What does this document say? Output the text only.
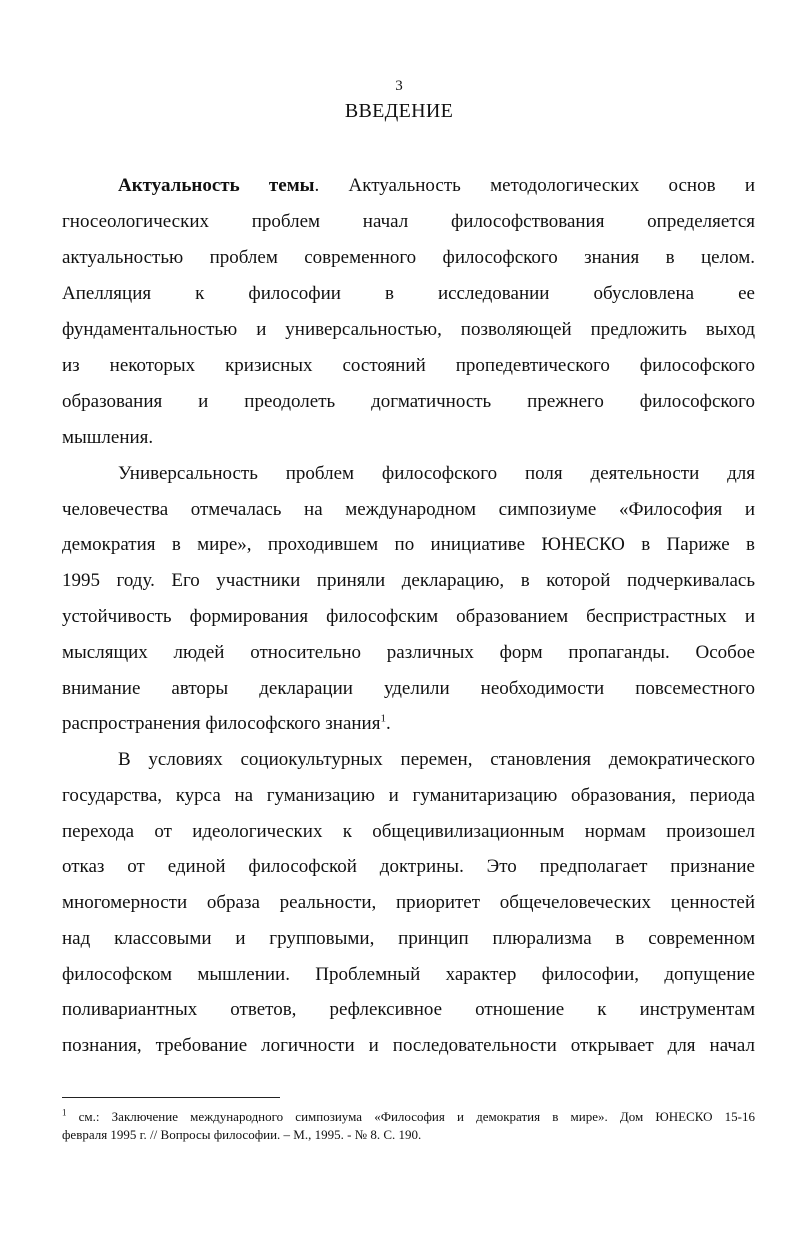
3
ВВЕДЕНИЕ
Актуальность темы. Актуальность методологических основ и
гносеологических проблем начал философствования определяется
актуальностью проблем современного философского знания в целом.
Апелляция к философии в исследовании обусловлена ее
фундаментальностью и универсальностью, позволяющей предложить выход
из некоторых кризисных состояний пропедевтического философского
образования и преодолеть догматичность прежнего философского
мышления.
Универсальность проблем философского поля деятельности для
человечества отмечалась на международном симпозиуме «Философия и
демократия в мире», проходившем по инициативе ЮНЕСКО в Париже в
1995 году. Его участники приняли декларацию, в которой подчеркивалась
устойчивость формирования философским образованием беспристрастных и
мыслящих людей относительно различных форм пропаганды. Особое
внимание авторы декларации уделили необходимости повсеместного
распространения философского знания$^1$.
В условиях социокультурных перемен, становления демократического
государства, курса на гуманизацию и гуманитаризацию образования, периода
перехода от идеологических к общецивилизационным нормам произошел
отказ от единой философской доктрины. Это предполагает признание
многомерности образа реальности, приоритет общечеловеческих ценностей
над классовыми и групповыми, принцип плюрализма в современном
философском мышлении. Проблемный характер философии, допущение
поливариантных ответов, рефлексивное отношение к инструментам
познания, требование логичности и последовательности открывает для начал
$^1$ см.: Заключение международного симпозиума «Философия и демократия в мире». Дом ЮНЕСКО 15-16
февраля 1995 г. // Вопросы философии. – М., 1995. - № 8. С. 190.
